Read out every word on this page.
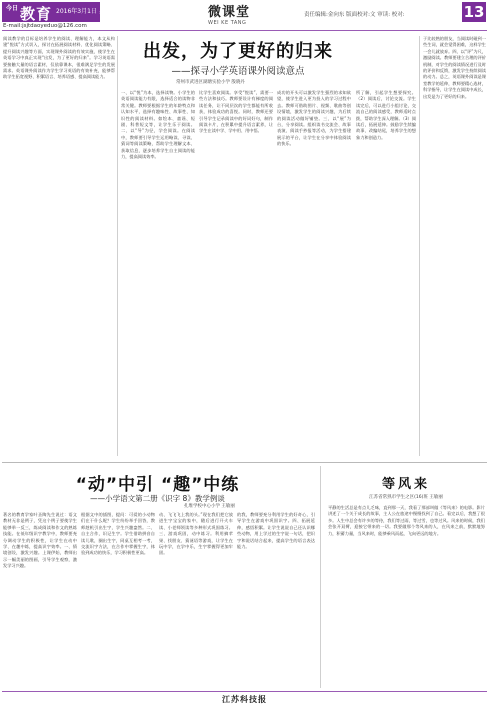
今日 教育 2016年3月1日 星期二
E-mail:jsjtdaoyeduo@126.com
微课堂
WEI KE TANG
责任编辑:金向东 版面校对:文 审读: 校对:	13
出发，为了更好的归来
——探寻小学英语课外阅读意点
常州市武进区湖塘实验小学 殷晓丹
阅读教学的目标是培养学生的阅读、理解能力，本文从构建“悦读”方式切入，探讨在拓展阅读材料、优化阅读策略、提升阅读兴趣等方面，实现课外阅读的有效实施，使学生在英语学习中真正实现“出发，为了更好的归来”。学习英语需要接触大量的语言素材，仅依靠课本，很难满足学生的发展需求。英语课外阅读作为学生学习英语的有效补充，能够帮助学生拓宽视野、积累语言、培养语感、提高阅读能力。
一、以“悦”为本，选择读物。小学生的英语阅读能力有限，选择适合的读物非常关键。教师要根据学生的年龄特点和认知水平，选择有趣味性、故事性、知识性的阅读材料。如绘本、童谣、短剧、科普短文等，让学生乐于阅读。二、以“导”为径，学会阅读。在阅读中，教师要引导学生运用略读、寻读、猜词等阅读策略，帮助学生理解文本、获取信息，逐步培养学生自主阅读的能力，提高阅读效率。
比学生喜欢阅读。享受“悦读”，需要一些方法和技巧。教师要设计有梯度的阅读任务，让不同层次的学生都能有所收获，体验成功的喜悦。同时，教师还要引导学生记录阅读中的好词好句，制作阅读卡片，在积累中提升语言素养，让学生在读中学、学中用、用中悟。
成功的开头可以激发学生强烈的求知欲望，使学生进入更为投入的学习过程中去。教师可借助图片、视频、歌曲等创设情境，激发学生的阅读兴趣，为后续的阅读活动做好铺垫。三、以“展”为台，分享阅读。组织读书交流会、故事表演、阅读手抄报等活动，为学生搭建展示的平台，让学生在分享中体验阅读的快乐。
所了解，引起学生想要探究。（2）阅读后，讨论交流。学生读完后，可以进行小组讨论，交流自己的阅读感受，教师适时点拨，帮助学生深入理解。（3）阅读后，拓展延伸。鼓励学生续编故事、改编结尾，培养学生的想象力和创造力。
于比较熟的朋友，当阅读时碰到一些生词，就会觉得困难，这样学生一会儿就放弃。四、以“评”为尺，激励阅读。教师要建立合理的评价机制，对学生的阅读情况进行及时的评价和反馈，激发学生持续阅读的动力。总之，英语课外阅读是课堂教学的延伸，教师要精心选材，科学指导，让学生在阅读中成长，出发是为了更好的归来。
“动”中引 “趣”中练
——小学语文第二册《识字 8》教学例谈
扎堆学校中心小学 王敏丽
著名的教育学家叶圣陶先生说过：语文教材无非是例子，凭这个例子要使学生能够举一反三，练成阅读和作文的熟练技能。在低年级识字教学中，教师要充分调动学生的积极性，让学生在动中学、在趣中练，提高识字效率。一、情境创设，激发兴趣。上课伊始，教师出示一幅美丽的图画，引导学生观察，激发学习兴趣。
根据文中的插图，提问：可爱的小动物们在干什么呢？学生纷纷举手回答，教师趁机引出生字，学生兴趣盎然。二、自主合作，识记生字。学生借助拼音自读儿歌，圈出生字，同桌互相考一考，交流识字方法，在合作中掌握生字，体验到成功的快乐，学习积极性更高。
动、飞飞飞上我的头。”现在我们把它放进生字宝宝的家中，随后进行开火车读、小老师领读等多种形式巩固练习。三、游戏巩固，动中练习。利用摘苹果、找朋友、猜谜语等游戏，让学生在玩中学，在学中乐，生字掌握得更加牢固。
的我，教师要充分利用学生的好奇心，引导学生在游戏中巩固识字。四、拓展延伸，感悟积累。让学生说说自己还认识哪些动物，用上学过的生字说一句话，把识字和说话结合起来，提高学生的语言表达能力。
等风来
江苏省常熟市学生之区(16)班 王敏丽
平静的生活总是有点儿乏味，直到那一天，我看了那部叫做《等风来》的电影。影片讲述了一个关于成长的故事，主人公在旅途中慢慢找到了自己。看完以后，我想了很多。人生中总会有许多的等待，我们等过雨，等过雪，也等过风。风来的时候，我们会张开双臂，迎接它带来的一切。我要做那个等风来的人，在风来之前，默默地努力，积蓄力量，当风来时，能够乘风而起，飞向更远的地方。
江苏科技报
